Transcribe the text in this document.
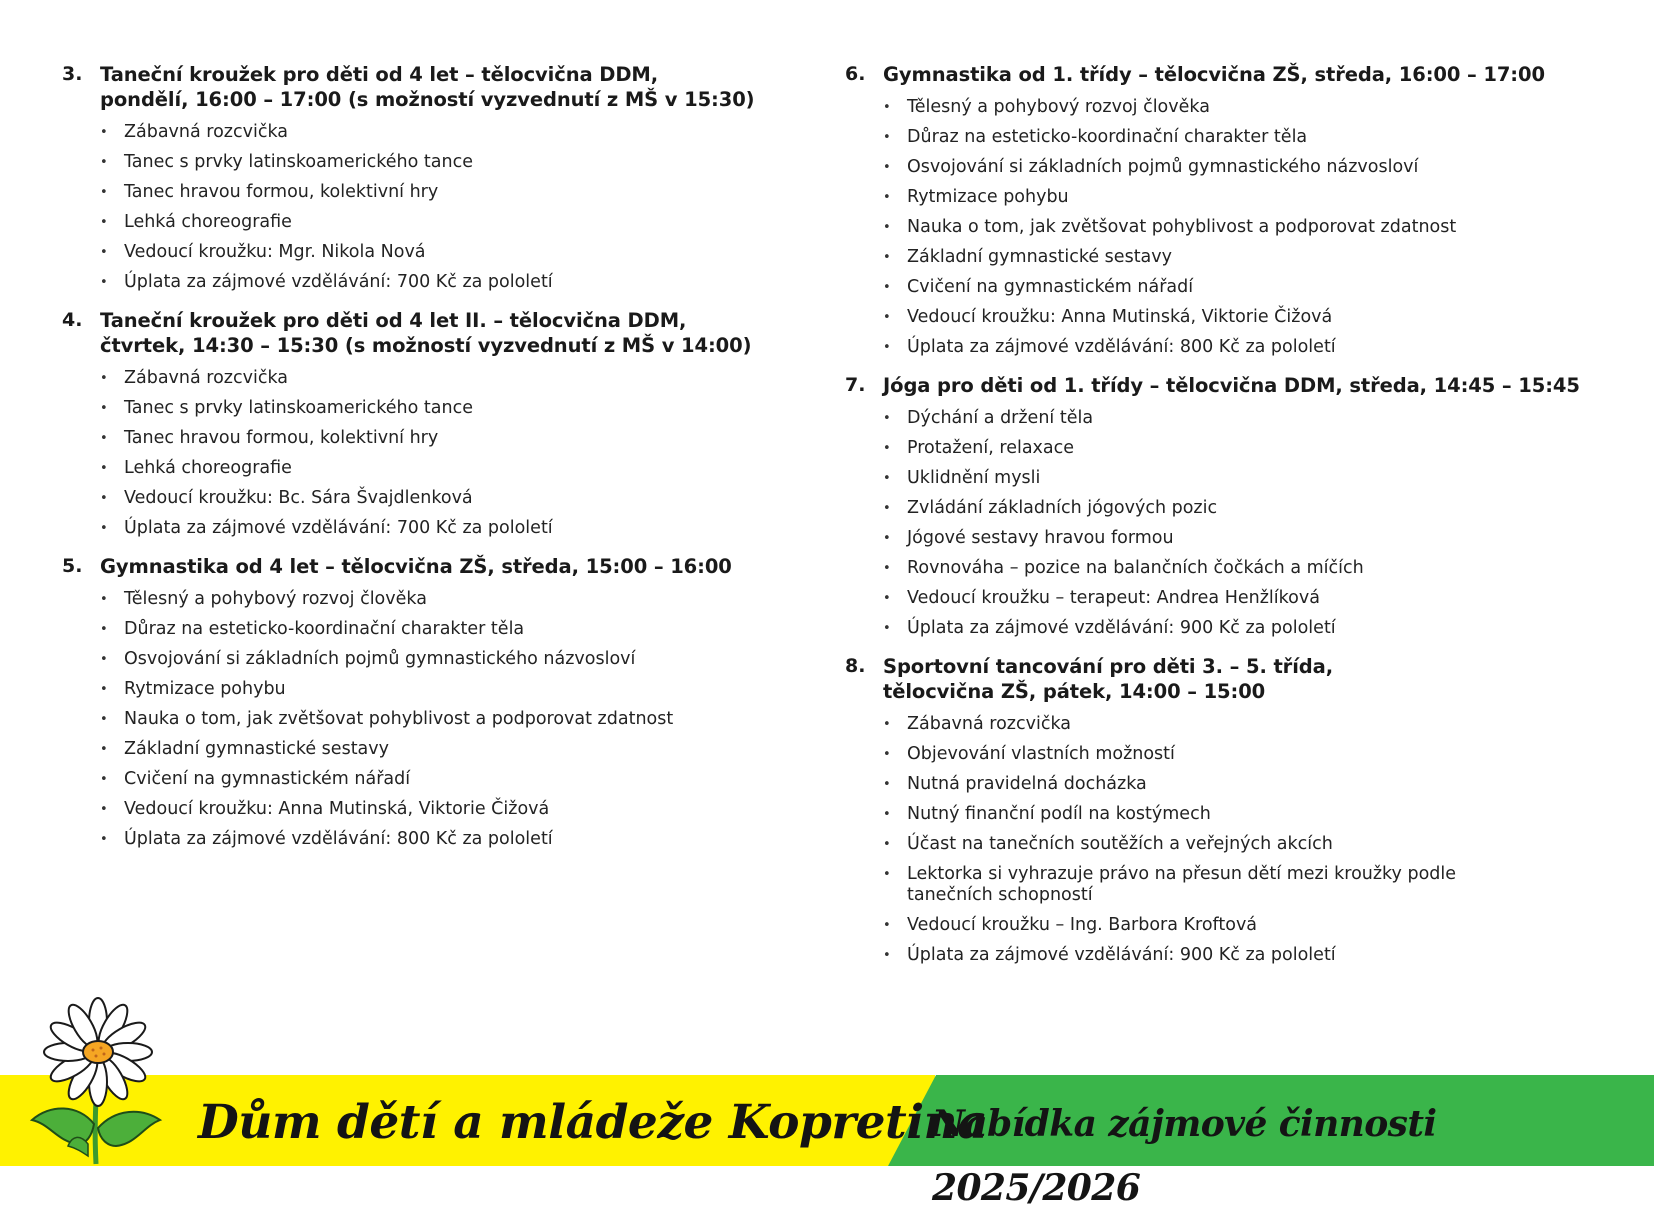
3. Taneční kroužek pro děti od 4 let – tělocvična DDM,
pondělí, 16:00 – 17:00 (s možností vyzvednutí z MŠ v 15:30)
• Zábavná rozcvička
• Tanec s prvky latinskoamerického tance
• Tanec hravou formou, kolektivní hry
• Lehká choreografie
• Vedoucí kroužku: Mgr. Nikola Nová
• Úplata za zájmové vzdělávání: 700 Kč za pololetí
4. Taneční kroužek pro děti od 4 let II. – tělocvična DDM,
čtvrtek, 14:30 – 15:30 (s možností vyzvednutí z MŠ v 14:00)
• Zábavná rozcvička
• Tanec s prvky latinskoamerického tance
• Tanec hravou formou, kolektivní hry
• Lehká choreografie
• Vedoucí kroužku: Bc. Sára Švajdlenková
• Úplata za zájmové vzdělávání: 700 Kč za pololetí
5. Gymnastika od 4 let – tělocvična ZŠ, středa, 15:00 – 16:00
• Tělesný a pohybový rozvoj člověka
• Důraz na esteticko-koordinační charakter těla
• Osvojování si základních pojmů gymnastického názvosloví
• Rytmizace pohybu
• Nauka o tom, jak zvětšovat pohyblivost a podporovat zdatnost
• Základní gymnastické sestavy
• Cvičení na gymnastickém nářadí
• Vedoucí kroužku: Anna Mutinská, Viktorie Čižová
• Úplata za zájmové vzdělávání: 800 Kč za pololetí
6. Gymnastika od 1. třídy – tělocvična ZŠ, středa, 16:00 – 17:00
• Tělesný a pohybový rozvoj člověka
• Důraz na esteticko-koordinační charakter těla
• Osvojování si základních pojmů gymnastického názvosloví
• Rytmizace pohybu
• Nauka o tom, jak zvětšovat pohyblivost a podporovat zdatnost
• Základní gymnastické sestavy
• Cvičení na gymnastickém nářadí
• Vedoucí kroužku: Anna Mutinská, Viktorie Čižová
• Úplata za zájmové vzdělávání: 800 Kč za pololetí
7. Jóga pro děti od 1. třídy – tělocvična DDM, středa, 14:45 – 15:45
• Dýchání a držení těla
• Protažení, relaxace
• Uklidnění mysli
• Zvládání základních jógových pozic
• Jógové sestavy hravou formou
• Rovnováha – pozice na balančních čočkách a míčích
• Vedoucí kroužku – terapeut: Andrea Henžlíková
• Úplata za zájmové vzdělávání: 900 Kč za pololetí
8. Sportovní tancování pro děti 3. – 5. třída,
tělocvična ZŠ, pátek, 14:00 – 15:00
• Zábavná rozcvička
• Objevování vlastních možností
• Nutná pravidelná docházka
• Nutný finanční podíl na kostýmech
• Účast na tanečních soutěžích a veřejných akcích
• Lektorka si vyhrazuje právo na přesun dětí mezi kroužky podle tanečních schopností
• Vedoucí kroužku – Ing. Barbora Kroftová
• Úplata za zájmové vzdělávání: 900 Kč za pololetí
Dům dětí a mládeže Kopretina
Nabídka zájmové činnosti 2025/2026
